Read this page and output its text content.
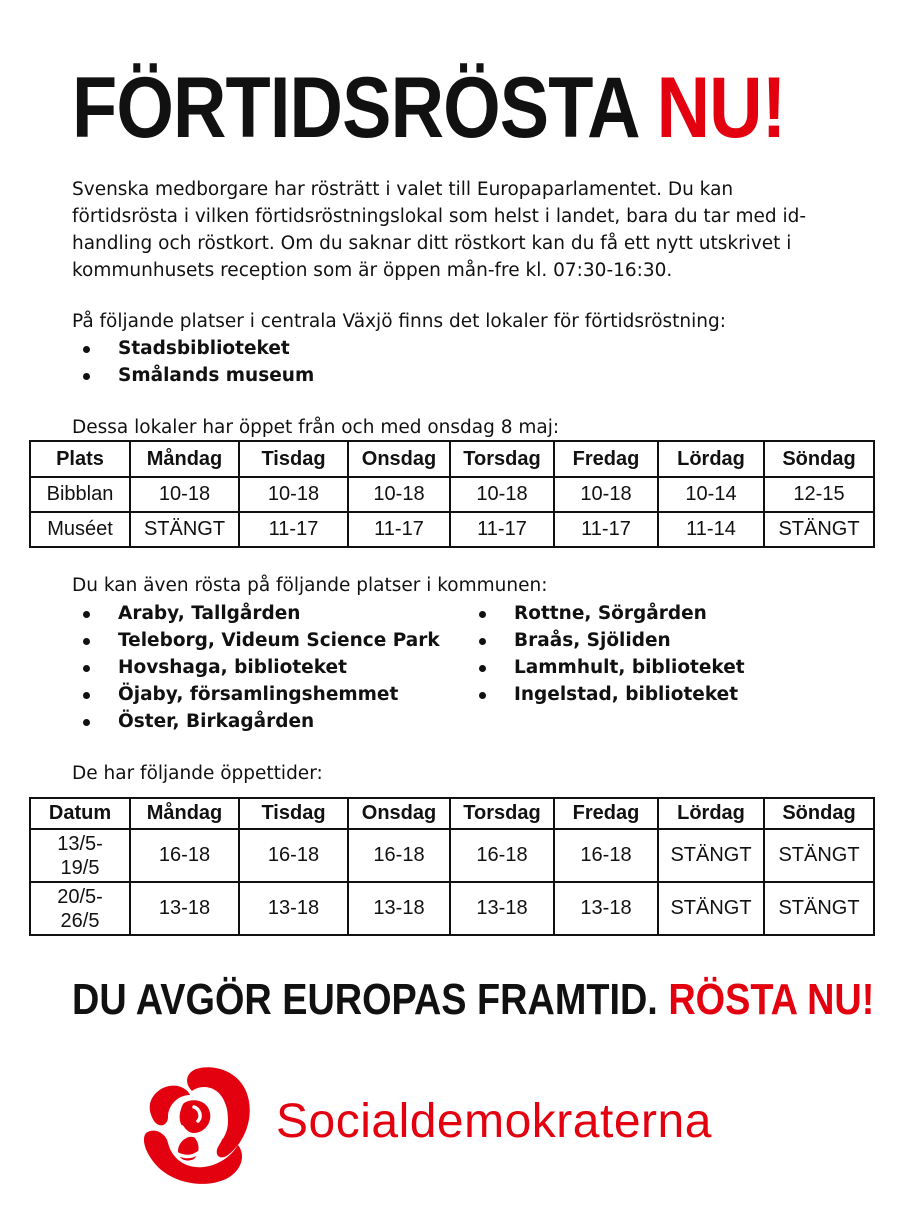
FÖRTIDSRÖSTA NU!

Svenska medborgare har rösträtt i valet till Europaparlamentet. Du kan förtidsrösta i vilken förtidsröstningslokal som helst i landet, bara du tar med id-handling och röstkort. Om du saknar ditt röstkort kan du få ett nytt utskrivet i kommunhusets reception som är öppen mån-fre kl. 07:30-16:30.

På följande platser i centrala Växjö finns det lokaler för förtidsröstning:

Stadsbiblioteket
Smålands museum

Dessa lokaler har öppet från och med onsdag 8 maj:

Plats	Måndag	Tisdag	Onsdag	Torsdag	Fredag	Lördag	Söndag
Bibblan	10-18	10-18	10-18	10-18	10-18	10-14	12-15
Muséet	STÄNGT	11-17	11-17	11-17	11-17	11-14	STÄNGT

Du kan även rösta på följande platser i kommunen:

Araby, Tallgården
Teleborg, Videum Science Park
Hovshaga, biblioteket
Öjaby, församlingshemmet
Öster, Birkagården
Rottne, Sörgården
Braås, Sjöliden
Lammhult, biblioteket
Ingelstad, biblioteket

De har följande öppettider:

Datum	Måndag	Tisdag	Onsdag	Torsdag	Fredag	Lördag	Söndag
13/5-
19/5	16-18	16-18	16-18	16-18	16-18	STÄNGT	STÄNGT
20/5-
26/5	13-18	13-18	13-18	13-18	13-18	STÄNGT	STÄNGT
DU AVGÖR EUROPAS FRAMTID. RÖSTA NU!
Socialdemokraterna
